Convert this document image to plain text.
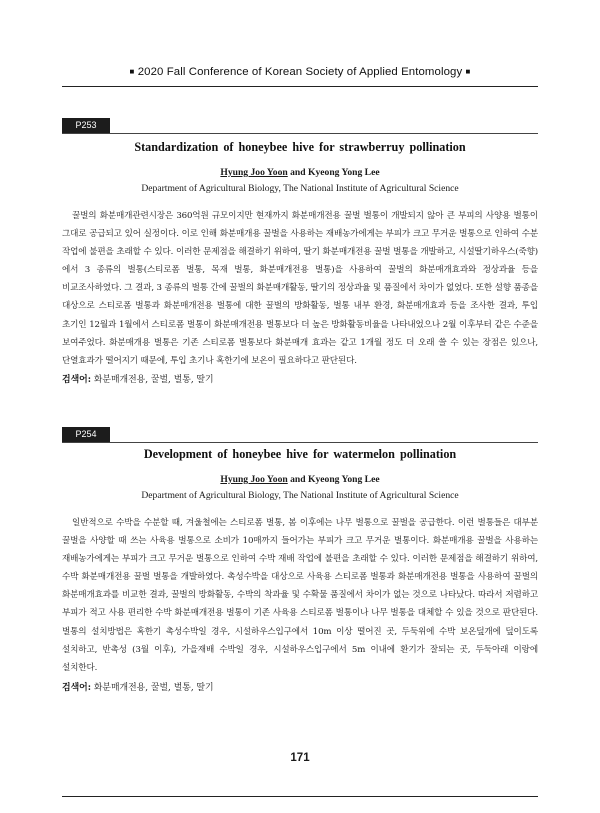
■ 2020 Fall Conference of Korean Society of Applied Entomology ■
P253
Standardization of honeybee hive for strawberruy pollination
Hyung Joo Yoon and Kyeong Yong Lee
Department of Agricultural Biology, The National Institute of Agricultural Science

꿀벌의 화분매개관련시장은 360억원 규모이지만 현재까지 화분매개전용 꿀벌 벌통이 개발되지 않아 큰 부피의 사양용 벌통이 그대로 공급되고 있어 실정이다. 이로 인해 화분매개용 꿀벌을 사용하는 재배농가에게는 부피가 크고 무거운 벌통으로 인하여 수분 작업에 불편을 초래할 수 있다. 이러한 문제점을 해결하기 위하여, 딸기 화분매개전용 꿀벌 벌통을 개발하고, 시설딸기하우스(죽향)에서 3 종류의 벌통(스티로폼 벌통, 목재 벌통, 화분매개전용 벌통)을 사용하여 꿀벌의 화분매개효과와 정상과율 등을 비교조사하였다. 그 결과, 3 종류의 벌통 간에 꿀벌의 화분매개활동, 딸기의 정상과율 및 품질에서 차이가 없었다. 또한 설향 품종을 대상으로 스티로폼 벌통과 화분매개전용 벌통에 대한 꿀벌의 방화활동, 벌통 내부 환경, 화분매개효과 등을 조사한 결과, 투입 초기인 12월과 1월에서 스티로폼 벌통이 화분매개전용 벌통보다 더 높은 방화활동비율을 나타내었으나 2월 이후부터 같은 수준을 보여주었다. 화분매개용 벌통은 기존 스티로폼 벌통보다 화분매개 효과는 같고 1개월 정도 더 오래 쓸 수 있는 장점은 있으나, 단열효과가 떨어지기 때문에, 투입 초기나 혹한기에 보온이 필요하다고 판단된다.

검색어: 화분매개전용, 꿀벌, 벌통, 딸기
P254
Development of honeybee hive for watermelon pollination
Hyung Joo Yoon and Kyeong Yong Lee
Department of Agricultural Biology, The National Institute of Agricultural Science

일반적으로 수박을 수분할 때, 겨울철에는 스티로폼 벌통, 봄 이후에는 나무 벌통으로 꿀벌을 공급한다. 이런 벌통들은 대부분 꿀벌을 사양할 때 쓰는 사육용 벌통으로 소비가 10매까지 들어가는 부피가 크고 무거운 벌통이다. 화분매개용 꿀벌을 사용하는 재배농가에게는 부피가 크고 무거운 벌통으로 인하여 수박 재배 작업에 불편을 초래할 수 있다. 이러한 문제점을 해결하기 위하여, 수박 화분매개전용 꿀벌 벌통을 개발하였다. 촉성수박을 대상으로 사육용 스티로폼 벌통과 화분매개전용 벌통을 사용하여 꿀벌의 화분매개효과를 비교한 결과, 꿀벌의 방화활동, 수박의 착과율 및 수확물 품질에서 차이가 없는 것으로 나타났다. 따라서 저렴하고 부피가 적고 사용 편리한 수박 화분매개전용 벌통이 기존 사육용 스티로폼 벌통이나 나무 벌통을 대체할 수 있을 것으로 판단된다. 벌통의 설치방법은 혹한기 촉성수박일 경우, 시설하우스입구에서 10m 이상 떨어진 곳, 두둑위에 수박 보온덮개에 덮이도록 설치하고, 반촉성 (3월 이후), 가을재배 수박일 경우, 시설하우스입구에서 5m 이내에 환기가 잘되는 곳, 두둑아래 이랑에 설치한다.

검색어: 화분매개전용, 꿀벌, 벌통, 딸기
171
